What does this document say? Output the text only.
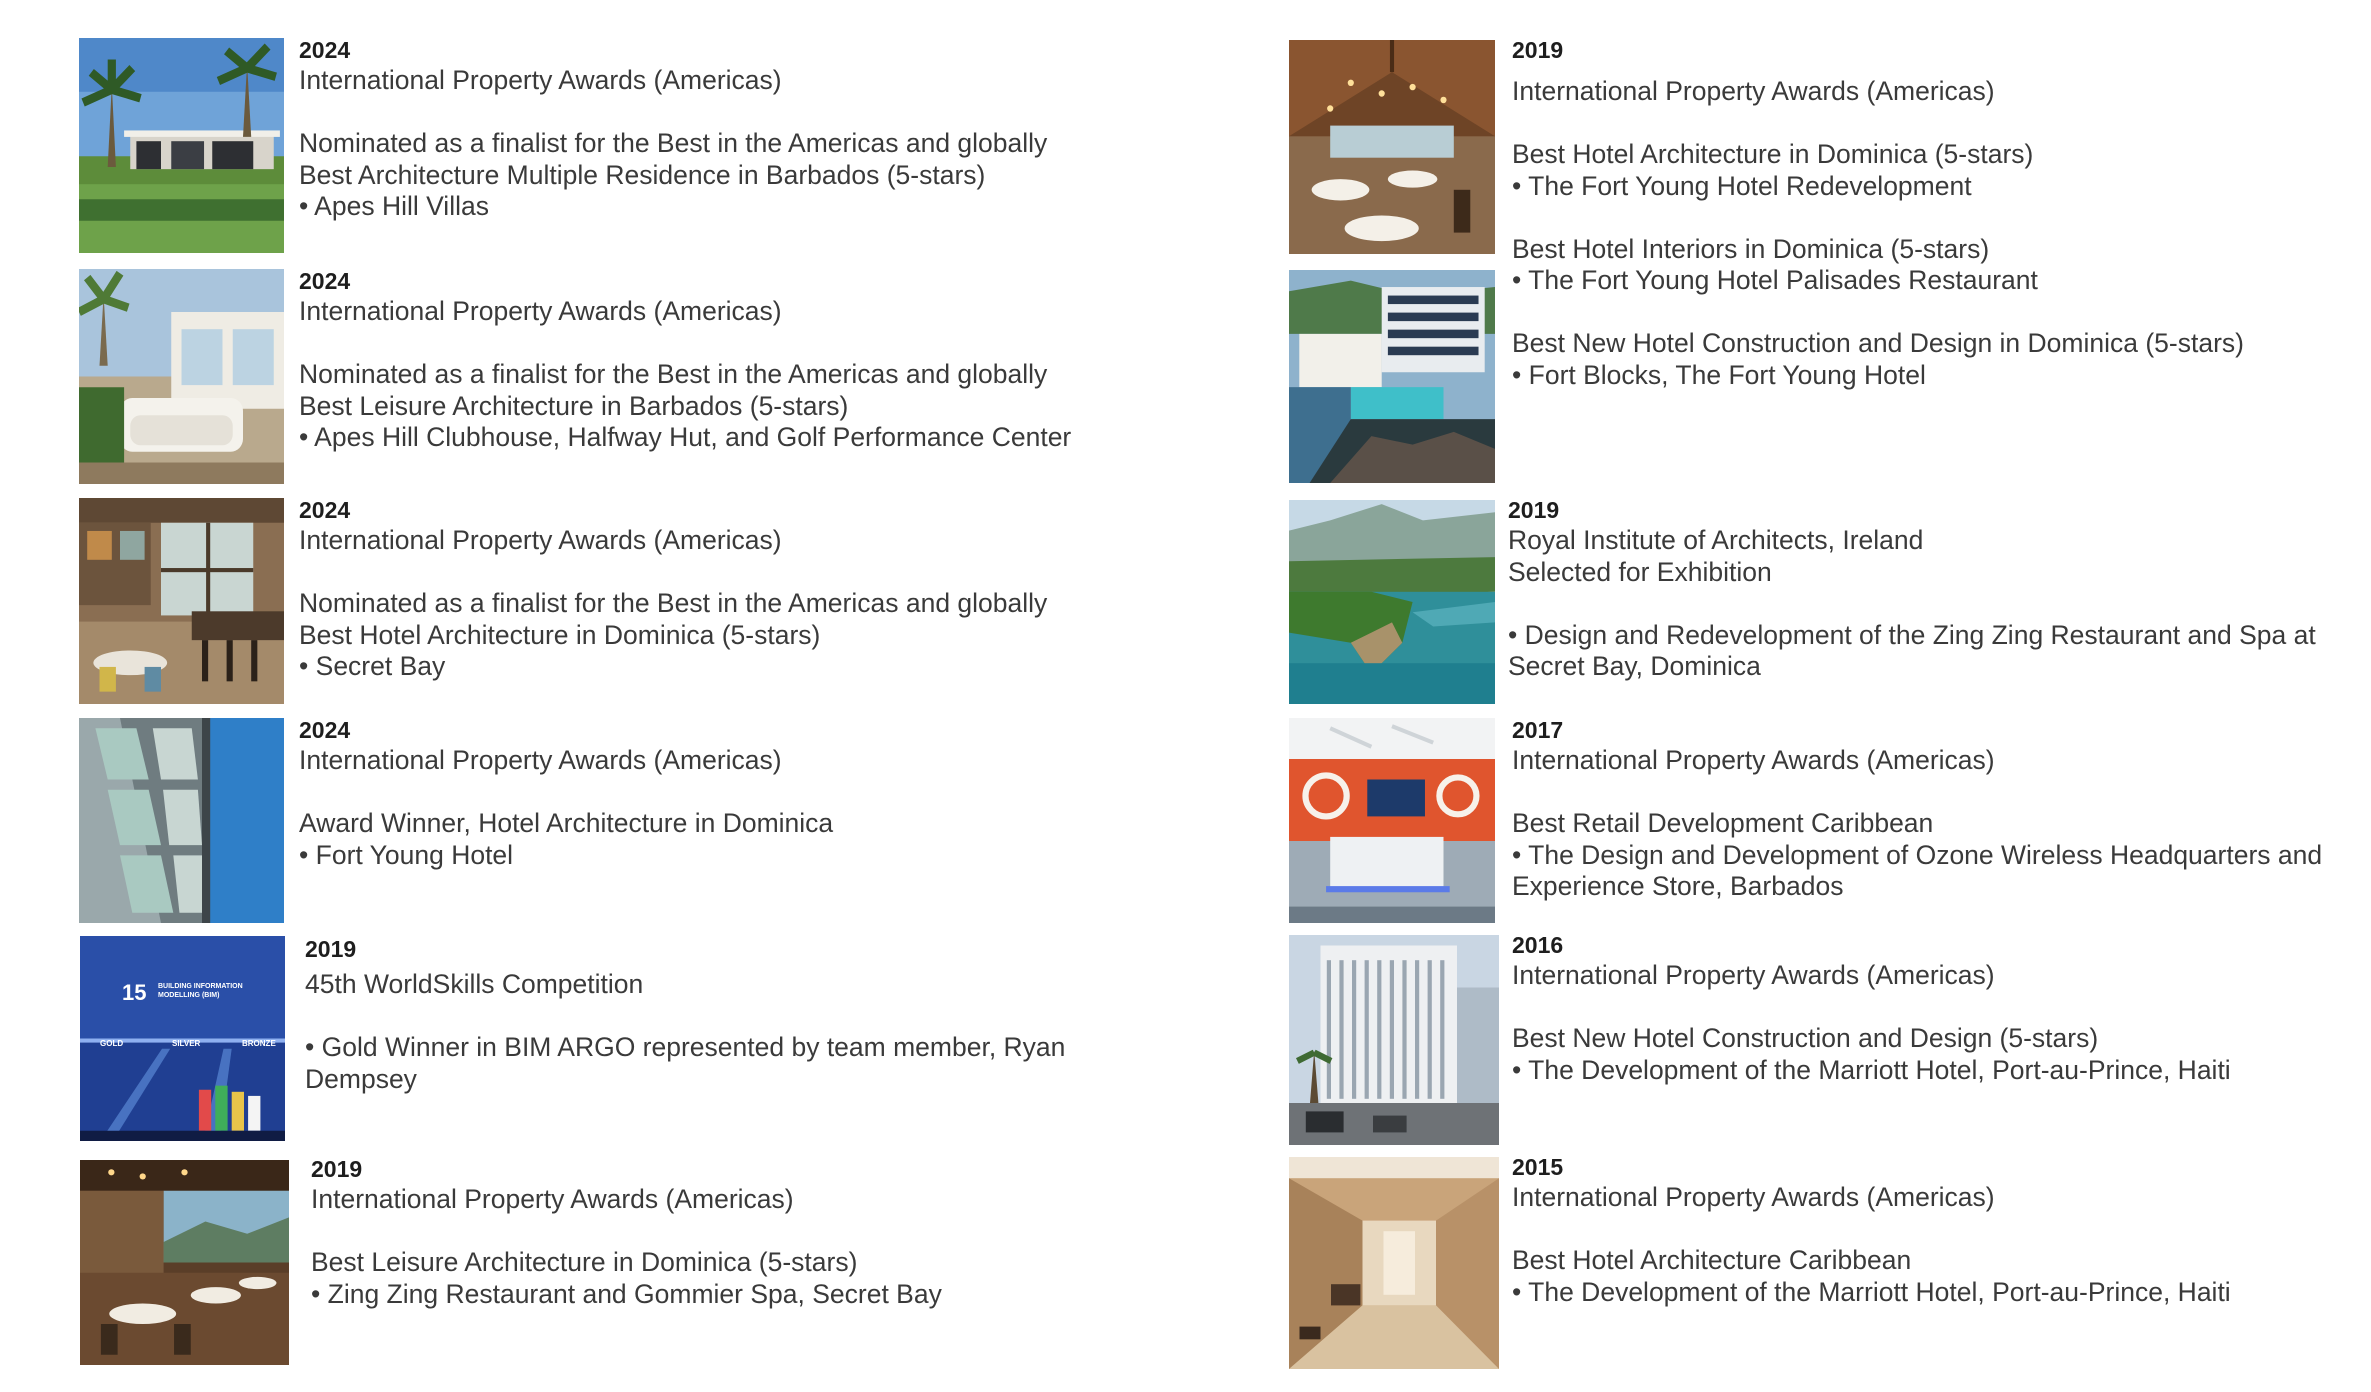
2024
International Property Awards (Americas)
Nominated as a finalist for the Best in the Americas and globally
Best Architecture Multiple Residence in Barbados (5-stars)
• Apes Hill Villas
2024
International Property Awards (Americas)
Nominated as a finalist for the Best in the Americas and globally
Best Leisure Architecture in Barbados (5-stars)
• Apes Hill Clubhouse, Halfway Hut, and Golf Performance Center
2024
International Property Awards (Americas)
Nominated as a finalist for the Best in the Americas and globally
Best Hotel Architecture in Dominica (5-stars)
• Secret Bay
2024
International Property Awards (Americas)
Award Winner, Hotel Architecture in Dominica
• Fort Young Hotel
15 BUILDING INFORMATION MODELLING (BIM)
GOLD	SILVER	BRONZE
2019
45th WorldSkills Competition
• Gold Winner in BIM ARGO represented by team member, Ryan
Dempsey
2019
International Property Awards (Americas)
Best Leisure Architecture in Dominica (5-stars)
• Zing Zing Restaurant and Gommier Spa, Secret Bay
2019
International Property Awards (Americas)
Best Hotel Architecture in Dominica (5-stars)
• The Fort Young Hotel Redevelopment
Best Hotel Interiors in Dominica (5-stars)
• The Fort Young Hotel Palisades Restaurant
Best New Hotel Construction and Design in Dominica (5-stars)
• Fort Blocks, The Fort Young Hotel
2019
Royal Institute of Architects, Ireland
Selected for Exhibition
• Design and Redevelopment of the Zing Zing Restaurant and Spa at
Secret Bay, Dominica
2017
International Property Awards (Americas)
Best Retail Development Caribbean
• The Design and Development of Ozone Wireless Headquarters and
Experience Store, Barbados
2016
International Property Awards (Americas)
Best New Hotel Construction and Design (5-stars)
• The Development of the Marriott Hotel, Port-au-Prince, Haiti
2015
International Property Awards (Americas)
Best Hotel Architecture Caribbean
• The Development of the Marriott Hotel, Port-au-Prince, Haiti
